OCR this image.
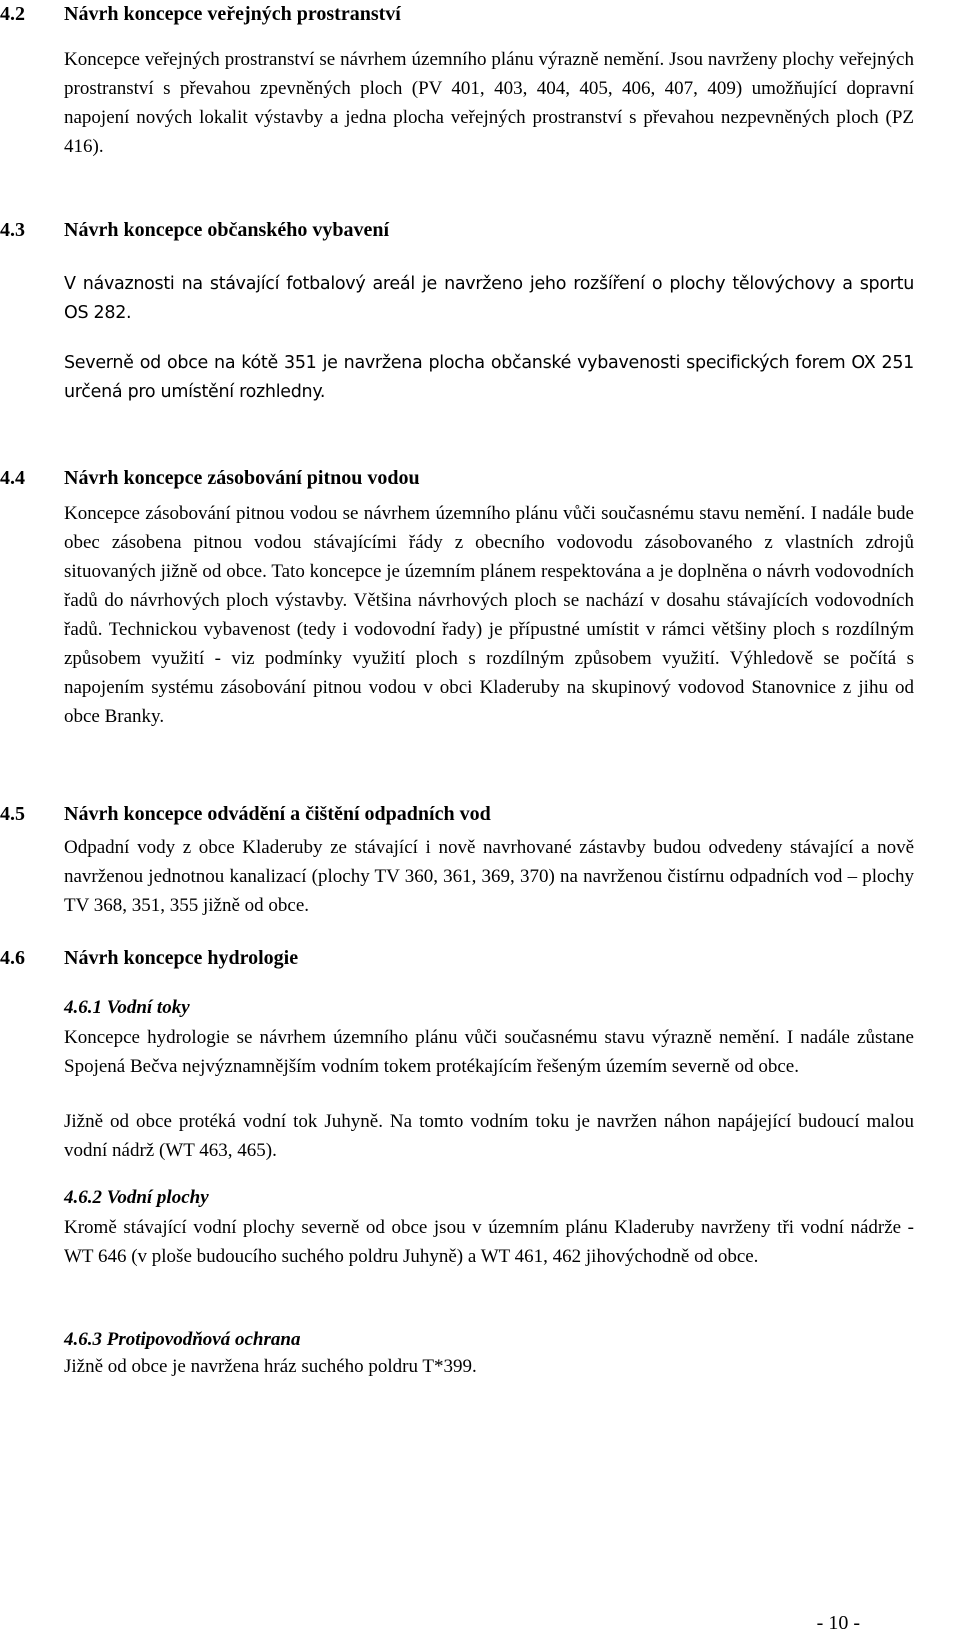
4.2 Návrh koncepce veřejných prostranství
Koncepce veřejných prostranství se návrhem územního plánu výrazně nemění. Jsou navrženy plochy veřejných prostranství s převahou zpevněných ploch (PV 401, 403, 404, 405, 406, 407, 409) umožňující dopravní napojení nových lokalit výstavby a jedna plocha veřejných prostranství s převahou nezpevněných ploch (PZ 416).
4.3 Návrh koncepce občanského vybavení
V návaznosti na stávající fotbalový areál je navrženo jeho rozšíření o plochy tělovýchovy a sportu OS 282.
Severně od obce na kótě 351 je navržena plocha občanské vybavenosti specifických forem OX 251 určená pro umístění rozhledny.
4.4 Návrh koncepce zásobování pitnou vodou
Koncepce zásobování pitnou vodou se návrhem územního plánu vůči současnému stavu nemění. I nadále bude obec zásobena pitnou vodou stávajícími řády z obecního vodovodu zásobovaného z vlastních zdrojů situovaných jižně od obce. Tato koncepce je územním plánem respektována a je doplněna o návrh vodovodních řadů do návrhových ploch výstavby. Většina návrhových ploch se nachází v dosahu stávajících vodovodních řadů. Technickou vybavenost (tedy i vodovodní řady) je přípustné umístit v rámci většiny ploch s rozdílným způsobem využití - viz podmínky využití ploch s rozdílným způsobem využití. Výhledově se počítá s napojením systému zásobování pitnou vodou v obci Kladeruby na skupinový vodovod Stanovnice z jihu od obce Branky.
4.5 Návrh koncepce odvádění a čištění odpadních vod
Odpadní vody z obce Kladeruby ze stávající i nově navrhované zástavby budou odvedeny stávající a nově navrženou jednotnou kanalizací (plochy TV 360, 361, 369, 370) na navrženou čistírnu odpadních vod – plochy TV 368, 351, 355 jižně od obce.
4.6 Návrh koncepce hydrologie
4.6.1 Vodní toky
Koncepce hydrologie se návrhem územního plánu vůči současnému stavu výrazně nemění. I nadále zůstane Spojená Bečva nejvýznamnějším vodním tokem protékajícím řešeným územím severně od obce.
Jižně od obce protéká vodní tok Juhyně. Na tomto vodním toku je navržen náhon napájející budoucí malou vodní nádrž (WT 463, 465).
4.6.2 Vodní plochy
Kromě stávající vodní plochy severně od obce jsou v územním plánu Kladeruby navrženy tři vodní nádrže - WT 646 (v ploše budoucího suchého poldru Juhyně) a WT 461, 462 jihovýchodně od obce.
4.6.3 Protipovodňová ochrana
Jižně od obce je navržena hráz suchého poldru T*399.
- 10 -
